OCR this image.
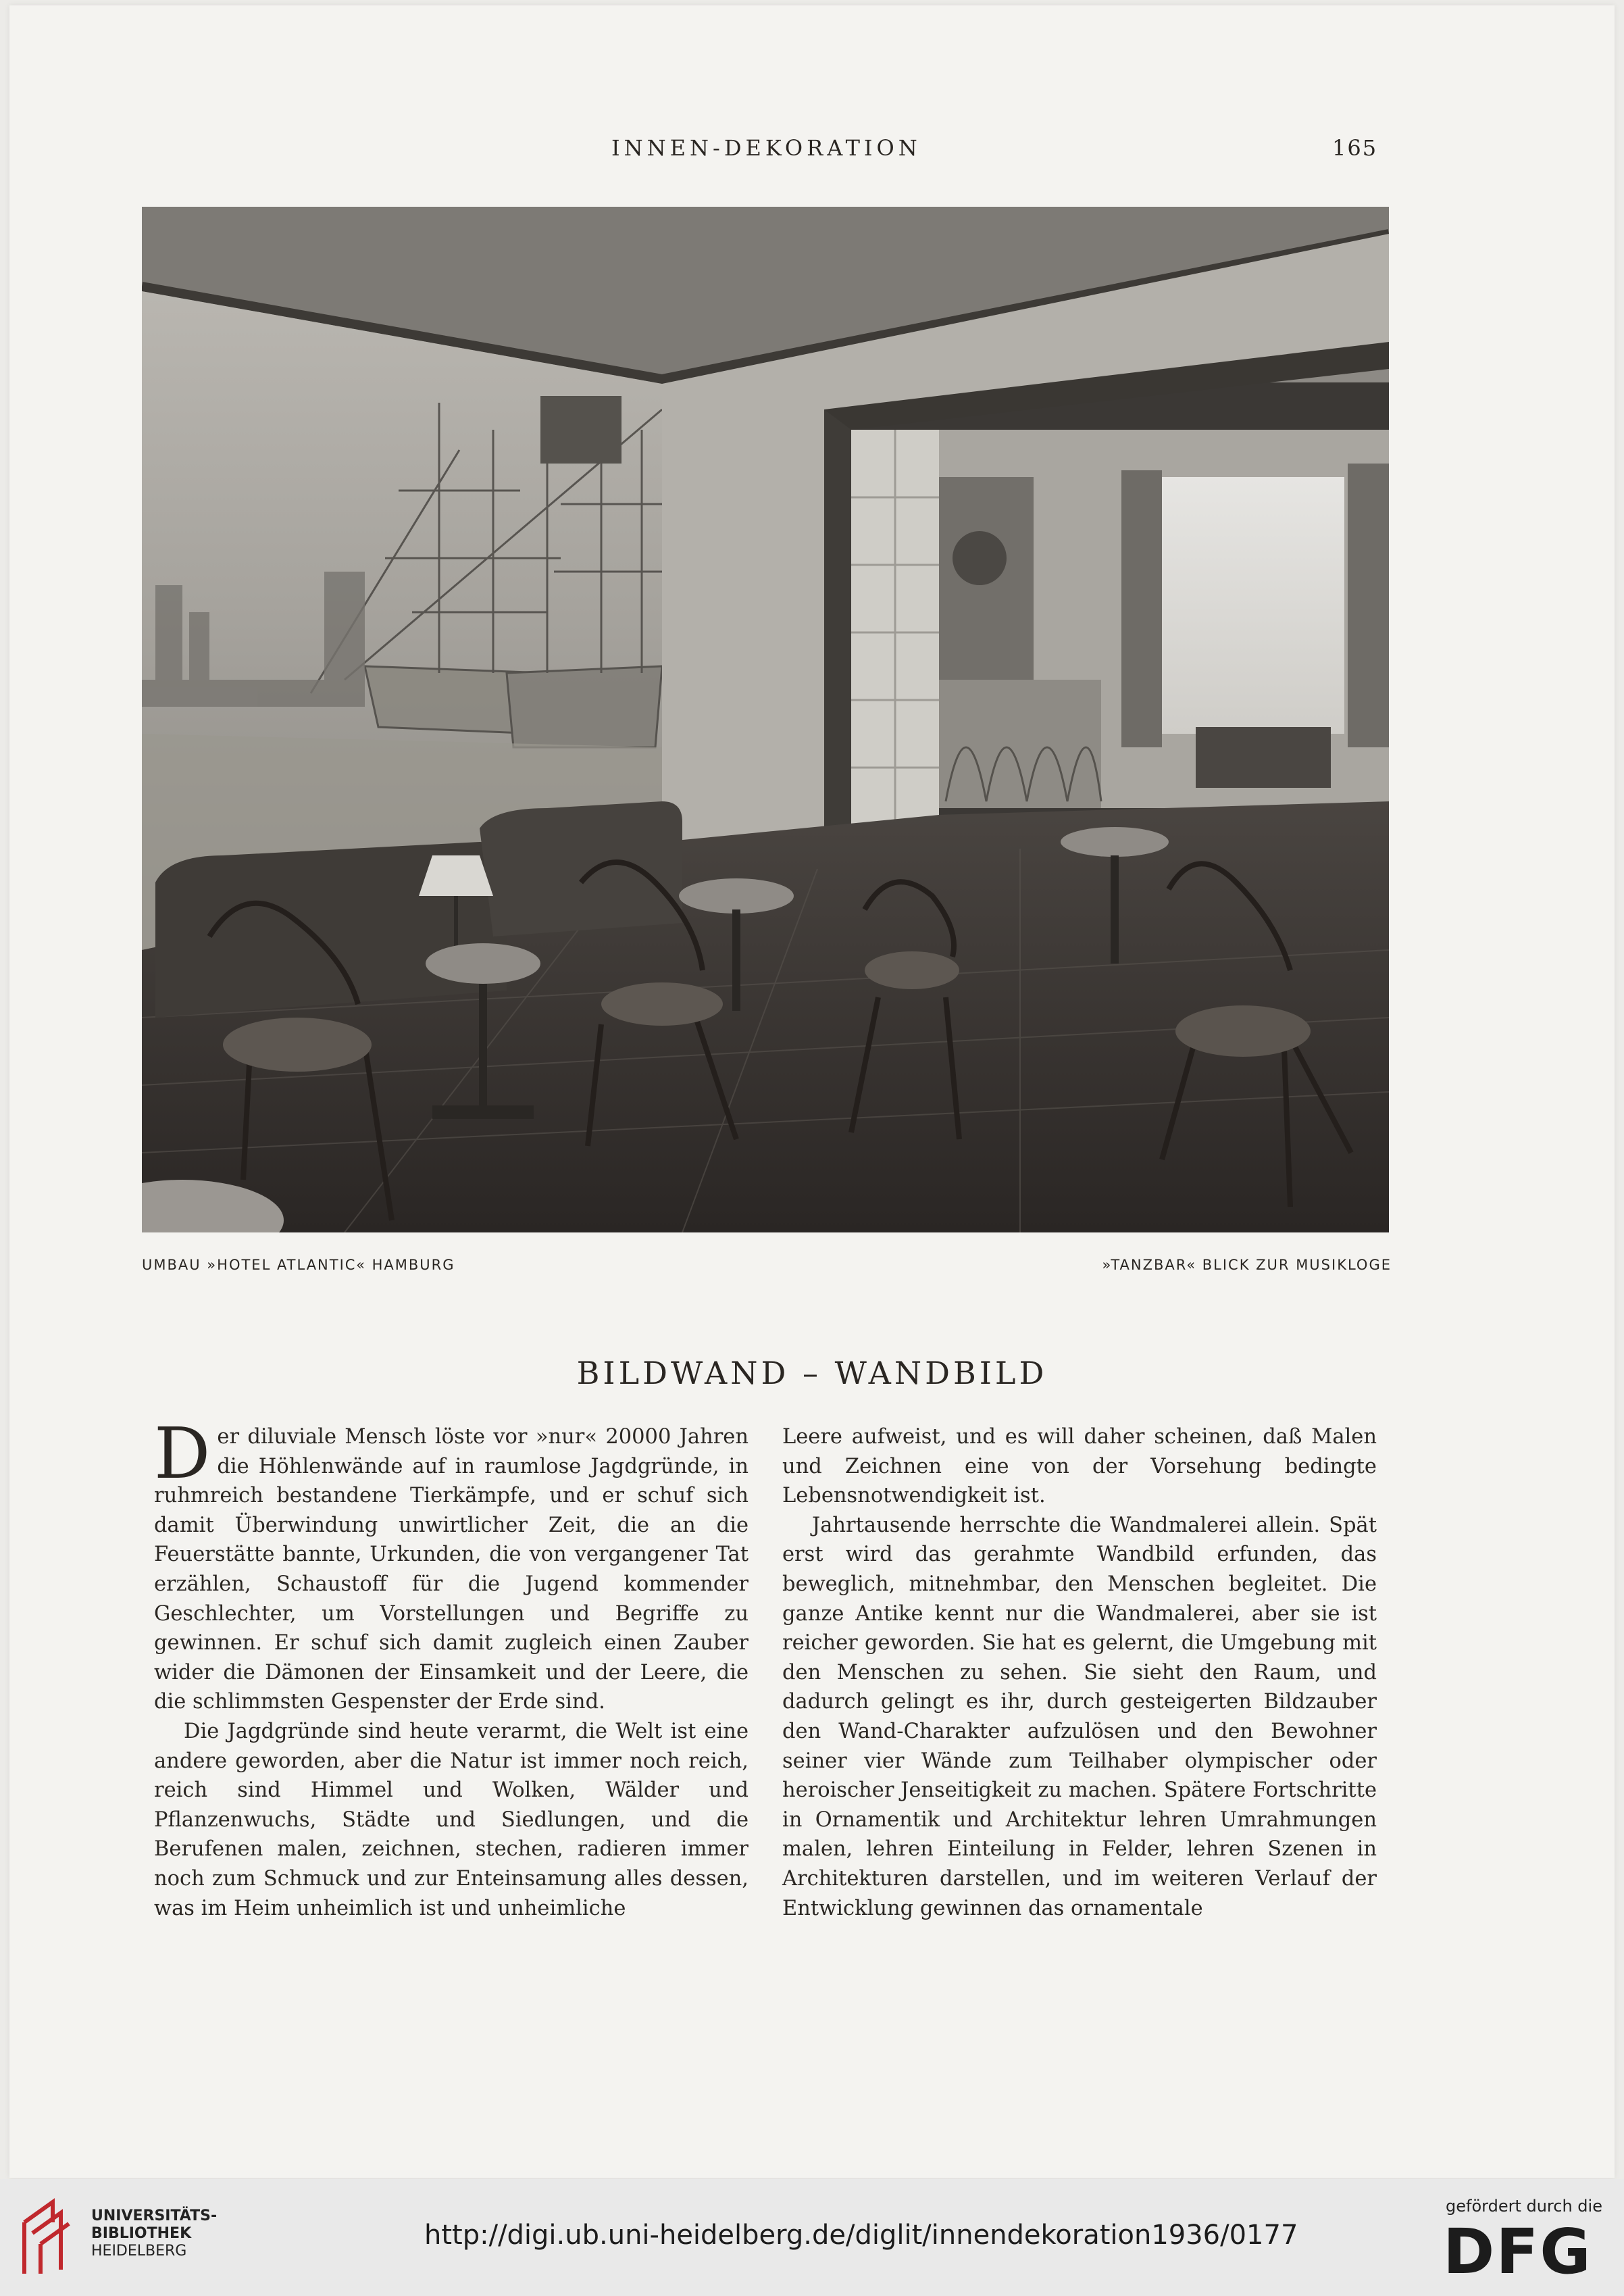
INNEN-DEKORATION	165
UMBAU »HOTEL ATLANTIC« HAMBURG	»TANZBAR« BLICK ZUR MUSIKLOGE
BILDWAND – WANDBILD

Der diluviale Mensch löste vor »nur« 20000 Jahren die Höhlenwände auf in raumlose Jagdgründe, in ruhmreich bestandene Tierkämpfe, und er schuf sich damit Überwindung unwirtlicher Zeit, die an die Feuerstätte bannte, Urkunden, die von vergangener Tat erzählen, Schaustoff für die Jugend kommender Geschlechter, um Vorstellungen und Begriffe zu gewinnen. Er schuf sich damit zugleich einen Zauber wider die Dämonen der Einsamkeit und der Leere, die die schlimmsten Gespenster der Erde sind.

Die Jagdgründe sind heute verarmt, die Welt ist eine andere geworden, aber die Natur ist immer noch reich, reich sind Himmel und Wolken, Wälder und Pflanzenwuchs, Städte und Siedlungen, und die Berufenen malen, zeichnen, stechen, radieren immer noch zum Schmuck und zur Enteinsamung alles dessen, was im Heim unheimlich ist und unheimliche

Leere aufweist, und es will daher scheinen, daß Malen und Zeichnen eine von der Vorsehung bedingte Lebensnotwendigkeit ist.

Jahrtausende herrschte die Wandmalerei allein. Spät erst wird das gerahmte Wandbild erfunden, das beweglich, mitnehmbar, den Menschen begleitet. Die ganze Antike kennt nur die Wandmalerei, aber sie ist reicher geworden. Sie hat es gelernt, die Umgebung mit den Menschen zu sehen. Sie sieht den Raum, und dadurch gelingt es ihr, durch gesteigerten Bildzauber den Wand-Charakter aufzulösen und den Bewohner seiner vier Wände zum Teilhaber olympischer oder heroischer Jenseitigkeit zu machen. Spätere Fortschritte in Ornamentik und Architektur lehren Umrahmungen malen, lehren Einteilung in Felder, lehren Szenen in Architekturen darstellen, und im weiteren Verlauf der Entwicklung gewinnen das ornamentale

UNIVERSITÄTS-
BIBLIOTHEK
HEIDELBERG
http://digi.ub.uni-heidelberg.de/diglit/innendekoration1936/0177
gefördert durch die
DFG
